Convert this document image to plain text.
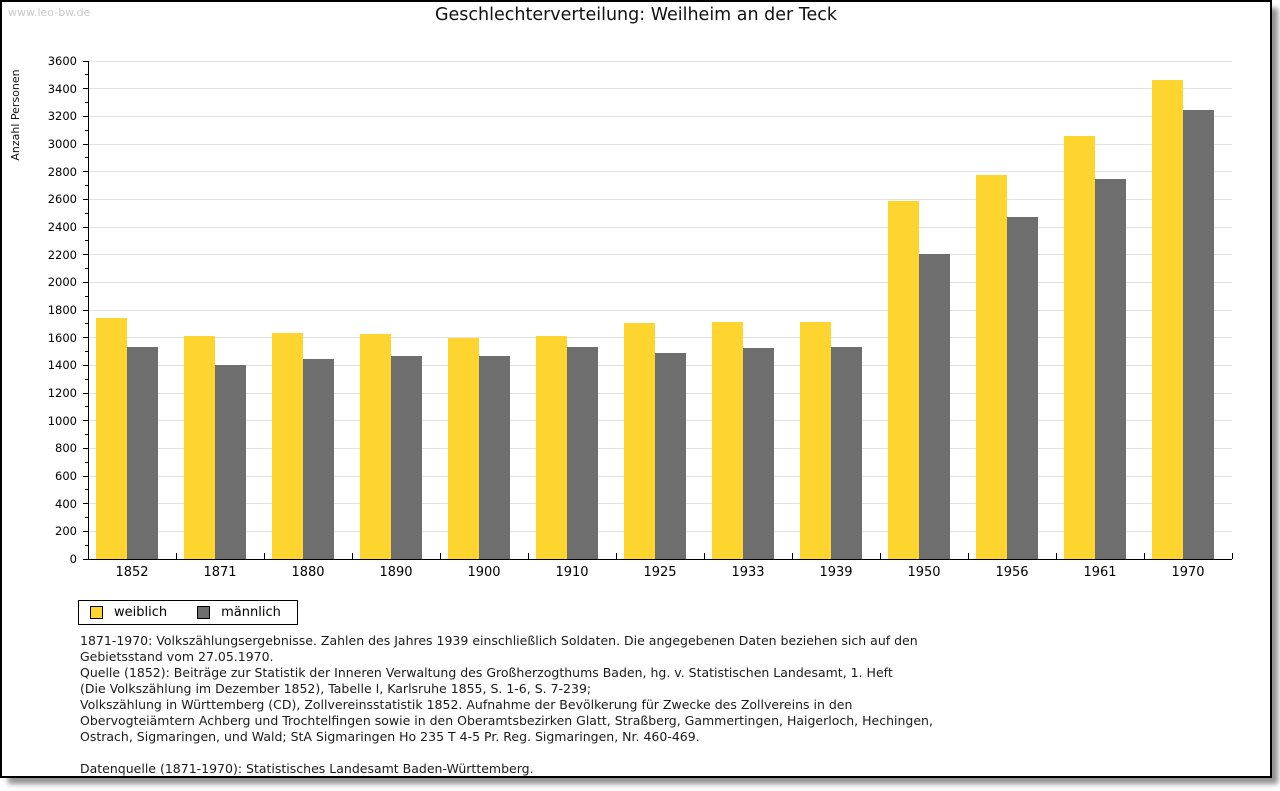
www.leo-bw.de	Geschlechterverteilung: Weilheim an der Teck
Anzahl Personen
0
200
400
600
800
1000
1200
1400
1600
1800
2000
2200
2400
2600
2800
3000
3200
3400
3600
1852	1871	1880	1890	1900	1910	1925	1933	1939	1950	1956	1961	1970
weiblich	männlich
1871-1970: Volkszählungsergebnisse. Zahlen des Jahres 1939 einschließlich Soldaten. Die angegebenen Daten beziehen sich auf den
Gebietsstand vom 27.05.1970.
Quelle (1852): Beiträge zur Statistik der Inneren Verwaltung des Großherzogthums Baden, hg. v. Statistischen Landesamt, 1. Heft
(Die Volkszählung im Dezember 1852), Tabelle I, Karlsruhe 1855, S. 1-6, S. 7-239;
Volkszählung in Württemberg (CD), Zollvereinsstatistik 1852. Aufnahme der Bevölkerung für Zwecke des Zollvereins in den
Obervogteiämtern Achberg und Trochtelfingen sowie in den Oberamtsbezirken Glatt, Straßberg, Gammertingen, Haigerloch, Hechingen,
Ostrach, Sigmaringen, und Wald; StA Sigmaringen Ho 235 T 4-5 Pr. Reg. Sigmaringen, Nr. 460-469.
Datenquelle (1871-1970): Statistisches Landesamt Baden-Württemberg.
